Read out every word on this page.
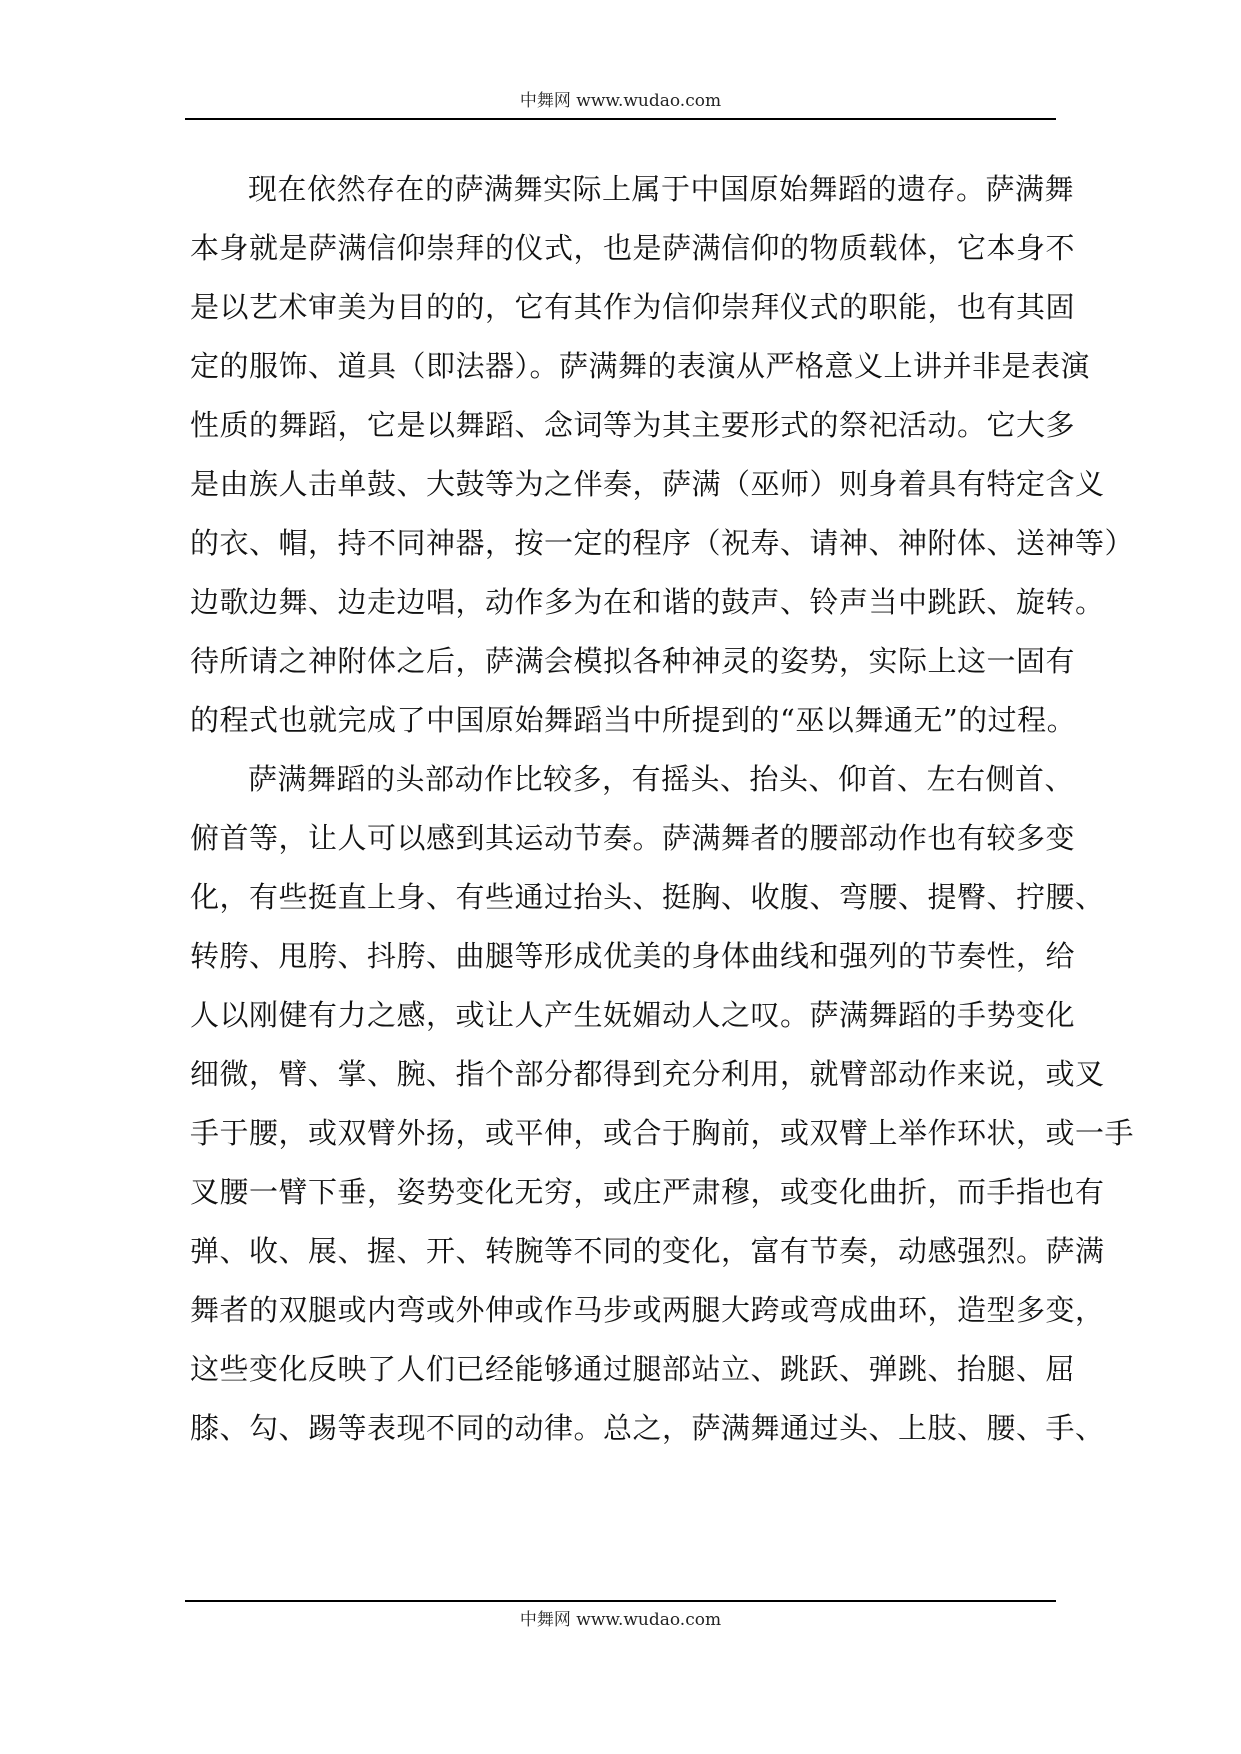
中舞网 www.wudao.com
现在依然存在的萨满舞实际上属于中国原始舞蹈的遗存。萨满舞
本身就是萨满信仰崇拜的仪式，也是萨满信仰的物质载体，它本身不
是以艺术审美为目的的，它有其作为信仰崇拜仪式的职能，也有其固
定的服饰、道具（即法器）。萨满舞的表演从严格意义上讲并非是表演
性质的舞蹈，它是以舞蹈、念词等为其主要形式的祭祀活动。它大多
是由族人击单鼓、大鼓等为之伴奏，萨满（巫师）则身着具有特定含义
的衣、帽，持不同神器，按一定的程序（祝寿、请神、神附体、送神等）
边歌边舞、边走边唱，动作多为在和谐的鼓声、铃声当中跳跃、旋转。
待所请之神附体之后，萨满会模拟各种神灵的姿势，实际上这一固有
的程式也就完成了中国原始舞蹈当中所提到的“巫以舞通无”的过程。
萨满舞蹈的头部动作比较多，有摇头、抬头、仰首、左右侧首、
俯首等，让人可以感到其运动节奏。萨满舞者的腰部动作也有较多变
化，有些挺直上身、有些通过抬头、挺胸、收腹、弯腰、提臀、拧腰、
转胯、甩胯、抖胯、曲腿等形成优美的身体曲线和强列的节奏性，给
人以刚健有力之感，或让人产生妩媚动人之叹。萨满舞蹈的手势变化
细微，臂、掌、腕、指个部分都得到充分利用，就臂部动作来说，或叉
手于腰，或双臂外扬，或平伸，或合于胸前，或双臂上举作环状，或一手
叉腰一臂下垂，姿势变化无穷，或庄严肃穆，或变化曲折，而手指也有
弹、收、展、握、开、转腕等不同的变化，富有节奏，动感强烈。萨满
舞者的双腿或内弯或外伸或作马步或两腿大跨或弯成曲环，造型多变，
这些变化反映了人们已经能够通过腿部站立、跳跃、弹跳、抬腿、屈
膝、勾、踢等表现不同的动律。总之，萨满舞通过头、上肢、腰、手、
中舞网 www.wudao.com
